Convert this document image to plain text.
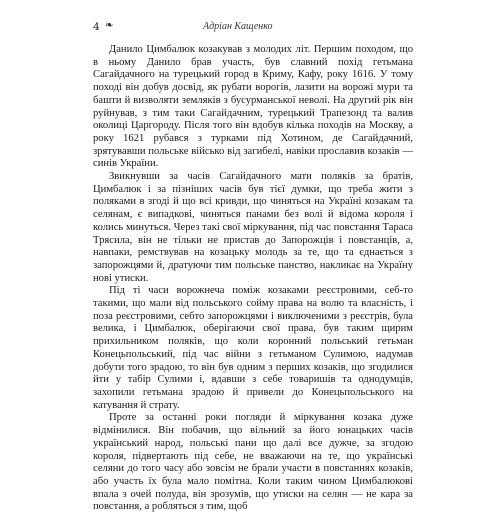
4 ❧	Адріан Кащенко

Данило Цимбалюк козакував з молодих літ. Першим походом, що в ньому Данило брав участь, був славний похід гетьмана Сагайдачного на турецький город в Криму, Кафу, року 1616. У тому поході він добув досвід, як рубати ворогів, лазити на ворожі мури та башти й визволяти земляків з бусурманської неволі. На другий рік він руйнував, з тим таки Сагайдачним, турецький Трапезонд та валив околиці Царгороду. Після того він вдобув кілька походів на Москву, а року 1621 рубався з турками під Хотином, де Сагайдачний, зрятувавши польське військо від загибелі, навіки прославив козаків — синів України.

Звикнувши за часів Сагайдачного мати поляків за братів, Цимбалюк і за пізніших часів був тієї думки, що треба жити з поляками в згоді й що всі кривди, що чиняться на Україні козакам та селянам, є випадкові, чиняться панами без волі й відома короля і колись минуться. Через такі свої міркування, під час повстання Тараса Трясила, він не тільки не пристав до Запорожців і повстанців, а, навпаки, ремствував на козацьку молодь за те, що та єднається з запорожцями й, дратуючи тим польське панство, накликає на Україну нові утиски.

Під ті часи ворожнеча поміж козаками реєстровими, себ-то такими, що мали від польського сойму права на волю та власність, і поза реєстровими, себто запорожцями і виключеними з реєстрів, була велика, і Цимбалюк, оберігаючи свої права, був таким щирим прихильником поляків, що коли коронний польський гетьман Конецьпольський, під час війни з гетьманом Сулимою, надумав добути того зрадою, то він був одним з перших козаків, що згодилися йти у табір Сулими і, вдавши з себе товаришів та однодумців, захопили гетьмана зрадою й привели до Конецьпольського на катування й страту.

Проте за останні роки погляди й міркування козака дуже відмінилися. Він побачив, що вільний за його юнацьких часів український народ, польські пани що далі все дужче, за згодою короля, підвертають під себе, не вважаючи на те, що українські селяни до того часу або зовсім не брали участи в повстаннях козаків, або участь їх була мало помітна. Коли таким чином Цимбалюкові впала з очей полуда, він зрозумів, що утиски на селян — не кара за повстання, а робляться з тим, щоб
